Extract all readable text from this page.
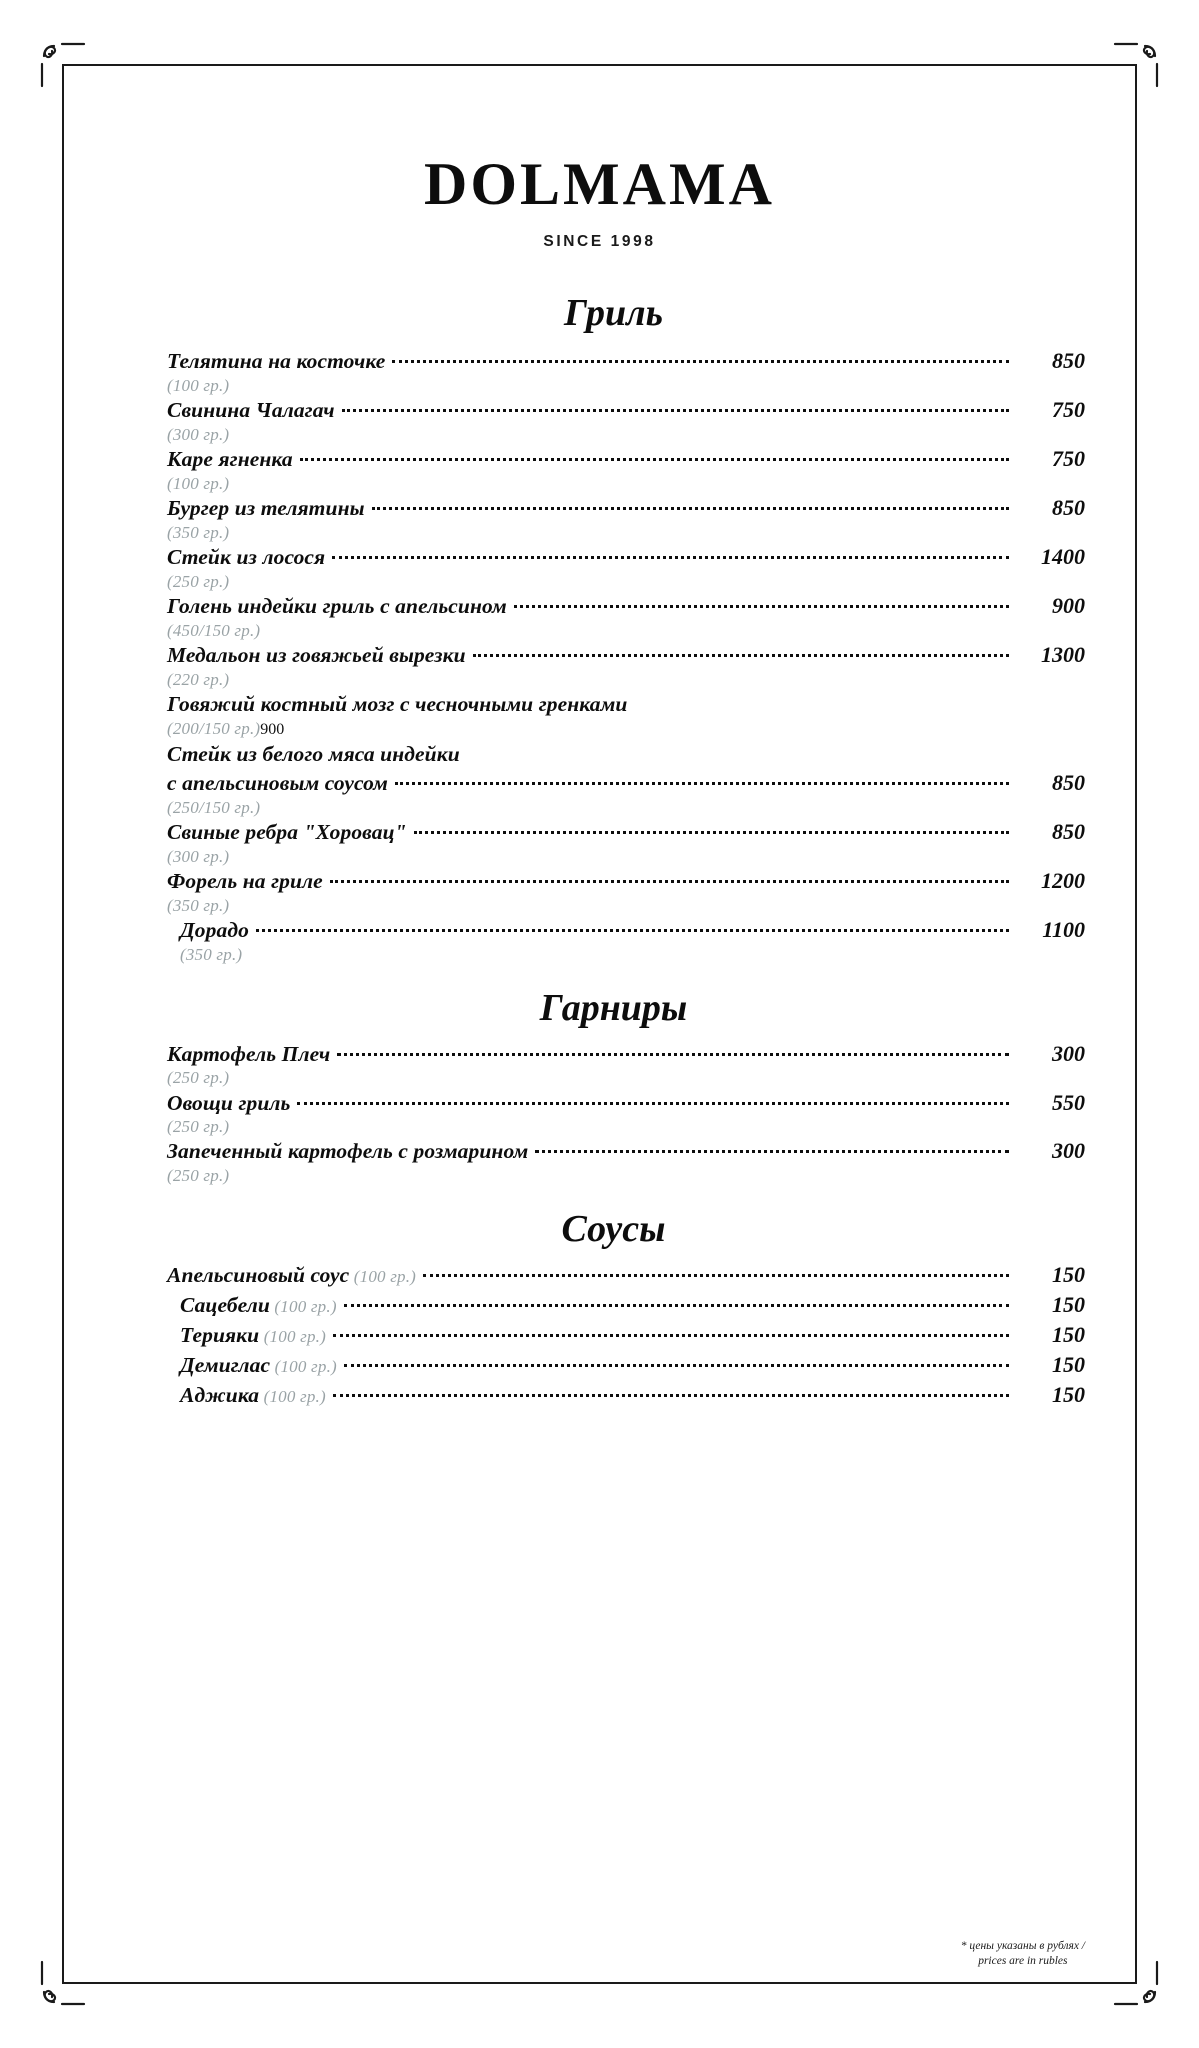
DOLMAMA
SINCE 1998
Гриль
Телятина на косточке	850
(100 гр.)
Свинина Чалагач	750
(300 гр.)
Каре ягненка	750
(100 гр.)
Бургер из телятины	850
(350 гр.)
Стейк из лосося	1400
(250 гр.)
Голень индейки гриль с апельсином	900
(450/150 гр.)
Медальон из говяжьей вырезки	1300
(220 гр.)
Говяжий костный мозг с чесночными гренками
(200/150 гр.) 900
Стейк из белого мяса индейки
с апельсиновым соусом	850
(250/150 гр.)
Свиные ребра "Хоровац"	850
(300 гр.)
Форель на гриле	1200
(350 гр.)
Дорадо	1100
(350 гр.)
Гарниры
Картофель Плеч	300
(250 гр.)
Овощи гриль	550
(250 гр.)
Запеченный картофель с розмарином	300
(250 гр.)
Соусы
Апельсиновый соус (100 гр.)	150
Сацебели (100 гр.)	150
Терияки (100 гр.)	150
Демиглас (100 гр.)	150
Аджика (100 гр.)	150
* цены указаны в рублях /
prices are in rubles
